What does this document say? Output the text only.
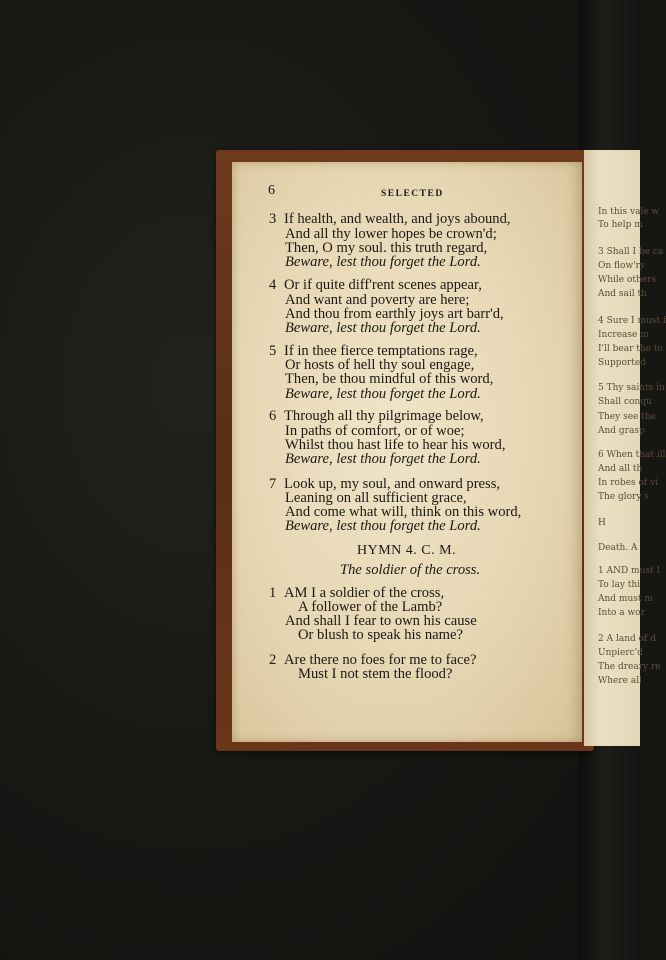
In this vale w
To help m
3 Shall I be ca
On flow'ry
While others
And sail th
4 Sure I must f
Increase m
I'll bear the to
Supported
5 Thy saints in
Shall conqu
They see the
And grasp
6 When that ill
And all th
In robes of vi
The glory s
H
Death. A
1 AND must I
To lay thi
And must m
Into a wor
2 A land of d
Unpierc'd
The dreary re
Where all
6	SELECTED
3 If health, and wealth, and joys abound,
And all thy lower hopes be crown'd;
Then, O my soul. this truth regard,
Beware, lest thou forget the Lord.
4 Or if quite diff'rent scenes appear,
And want and poverty are here;
And thou from earthly joys art barr'd,
Beware, lest thou forget the Lord.
5 If in thee fierce temptations rage,
Or hosts of hell thy soul engage,
Then, be thou mindful of this word,
Beware, lest thou forget the Lord.
6 Through all thy pilgrimage below,
In paths of comfort, or of woe;
Whilst thou hast life to hear his word,
Beware, lest thou forget the Lord.
7 Look up, my soul, and onward press,
Leaning on all sufficient grace,
And come what will, think on this word,
Beware, lest thou forget the Lord.
HYMN 4. C. M.
The soldier of the cross.
1 AM I a soldier of the cross,
A follower of the Lamb?
And shall I fear to own his cause
Or blush to speak his name?
2 Are there no foes for me to face?
Must I not stem the flood?
